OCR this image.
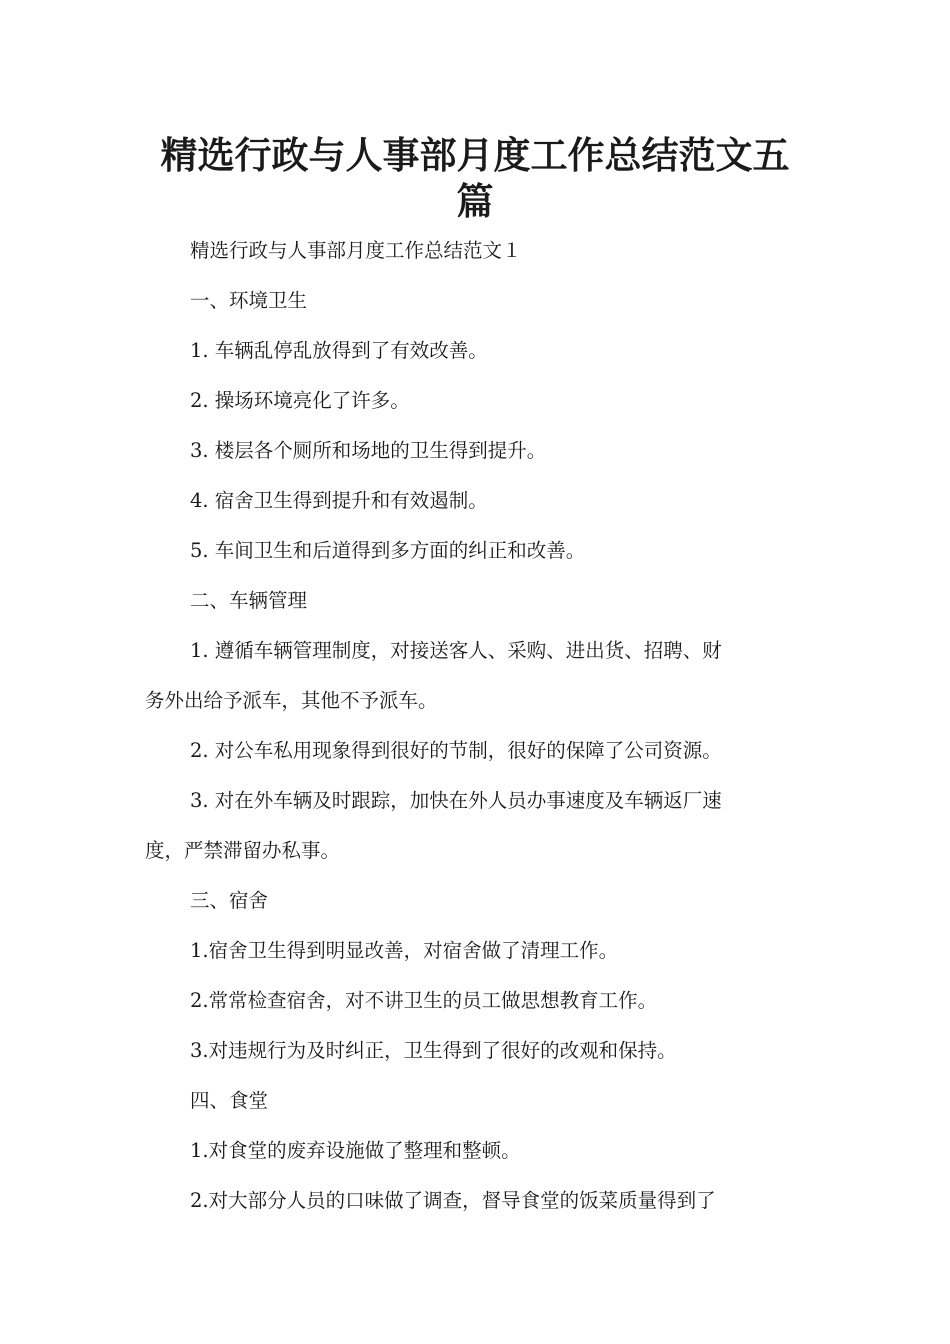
精选行政与人事部月度工作总结范文五
篇
精选行政与人事部月度工作总结范文１
一、环境卫生
1. 车辆乱停乱放得到了有效改善。
2. 操场环境亮化了许多。
3. 楼层各个厕所和场地的卫生得到提升。
4. 宿舍卫生得到提升和有效遏制。
5. 车间卫生和后道得到多方面的纠正和改善。
二、车辆管理
1. 遵循车辆管理制度，对接送客人、采购、进出货、招聘、财
务外出给予派车，其他不予派车。
2. 对公车私用现象得到很好的节制，很好的保障了公司资源。
3. 对在外车辆及时跟踪，加快在外人员办事速度及车辆返厂速
度，严禁滞留办私事。
三、宿舍
1.宿舍卫生得到明显改善，对宿舍做了清理工作。
2.常常检查宿舍，对不讲卫生的员工做思想教育工作。
3.对违规行为及时纠正，卫生得到了很好的改观和保持。
四、食堂
1.对食堂的废弃设施做了整理和整顿。
2.对大部分人员的口味做了调查，督导食堂的饭菜质量得到了
